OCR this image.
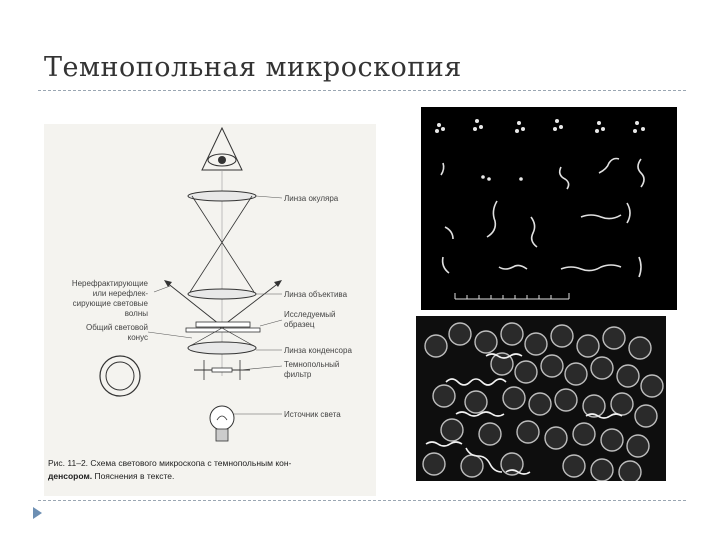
Темнопольная микроскопия
Линза окуляра
Линза объектива
Исследуемый
образец
Линза конденсора
Темнопольный
фильтр
Источник света
Нерефрактирующие
или нерефлек-
сирующие световые
волны
Общий световой
конус
Рис. 11–2. Схема светового микроскопа с темнопольным кон-
денсором. Пояснения в тексте.
